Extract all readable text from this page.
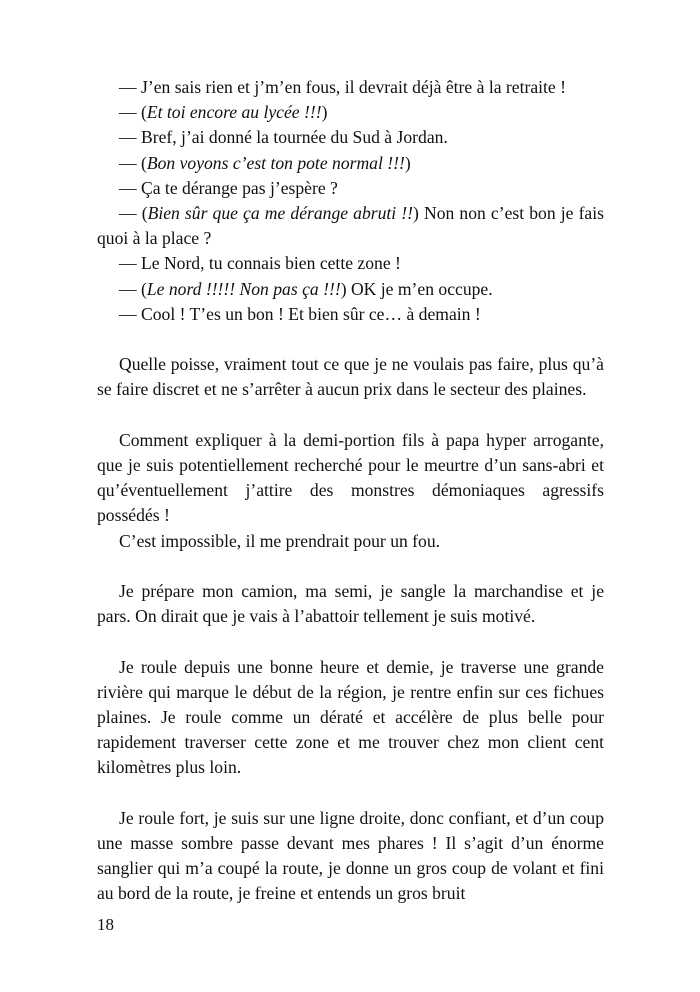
— J’en sais rien et j’m’en fous, il devrait déjà être à la retraite !

— (Et toi encore au lycée !!!)

— Bref, j’ai donné la tournée du Sud à Jordan.

— (Bon voyons c’est ton pote normal !!!)

— Ça te dérange pas j’espère ?

— (Bien sûr que ça me dérange abruti !!) Non non c’est bon je fais quoi à la place ?

— Le Nord, tu connais bien cette zone !

— (Le nord !!!!! Non pas ça !!!) OK je m’en occupe.

— Cool ! T’es un bon ! Et bien sûr ce… à demain !

Quelle poisse, vraiment tout ce que je ne voulais pas faire, plus qu’à se faire discret et ne s’arrêter à aucun prix dans le secteur des plaines.

Comment expliquer à la demi-portion fils à papa hyper arrogante, que je suis potentiellement recherché pour le meurtre d’un sans-abri et qu’éventuellement j’attire des monstres démoniaques agressifs possédés !

C’est impossible, il me prendrait pour un fou.

Je prépare mon camion, ma semi, je sangle la marchandise et je pars. On dirait que je vais à l’abattoir tellement je suis motivé.

Je roule depuis une bonne heure et demie, je traverse une grande rivière qui marque le début de la région, je rentre enfin sur ces fichues plaines. Je roule comme un dératé et accélère de plus belle pour rapidement traverser cette zone et me trouver chez mon client cent kilomètres plus loin.

Je roule fort, je suis sur une ligne droite, donc confiant, et d’un coup une masse sombre passe devant mes phares ! Il s’agit d’un énorme sanglier qui m’a coupé la route, je donne un gros coup de volant et fini au bord de la route, je freine et entends un gros bruit

18
